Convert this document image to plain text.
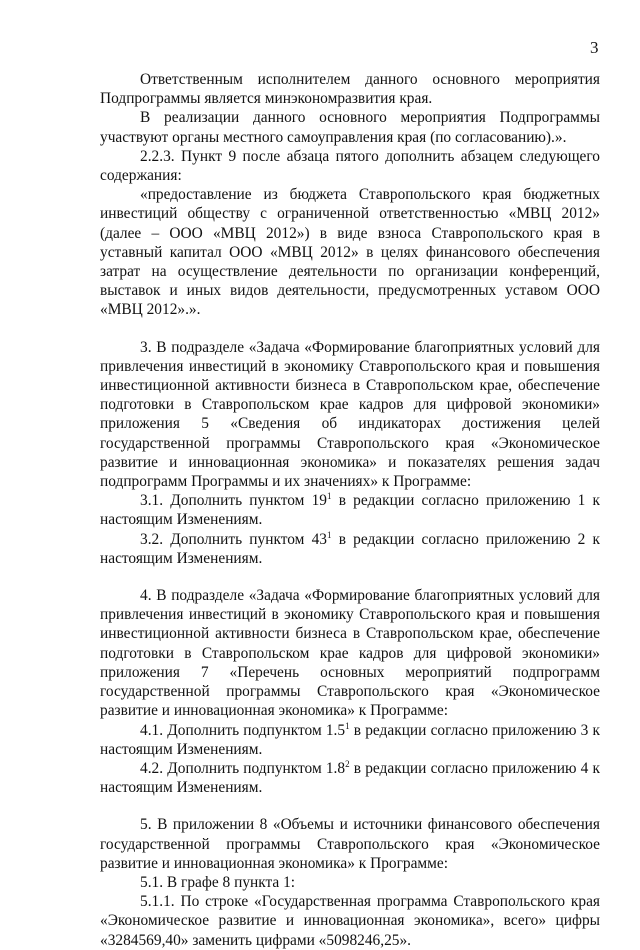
3

Ответственным исполнителем данного основного мероприятия Подпрограммы является минэкономразвития края.

В реализации данного основного мероприятия Подпрограммы участвуют органы местного самоуправления края (по согласованию).».

2.2.3. Пункт 9 после абзаца пятого дополнить абзацем следующего содержания:

«предоставление из бюджета Ставропольского края бюджетных инвестиций обществу с ограниченной ответственностью «МВЦ 2012» (далее – ООО «МВЦ 2012») в виде взноса Ставропольского края в уставный капитал ООО «МВЦ 2012» в целях финансового обеспечения затрат на осуществление деятельности по организации конференций, выставок и иных видов деятельности, предусмотренных уставом ООО «МВЦ 2012».».

3. В подразделе «Задача «Формирование благоприятных условий для привлечения инвестиций в экономику Ставропольского края и повышения инвестиционной активности бизнеса в Ставропольском крае, обеспечение подготовки в Ставропольском крае кадров для цифровой экономики» приложения 5 «Сведения об индикаторах достижения целей государственной программы Ставропольского края «Экономическое развитие и инновационная экономика» и показателях решения задач подпрограмм Программы и их значениях» к Программе:

3.1. Дополнить пунктом $19^1$ в редакции согласно приложению 1 к настоящим Изменениям.

3.2. Дополнить пунктом $43^1$ в редакции согласно приложению 2 к настоящим Изменениям.

4. В подразделе «Задача «Формирование благоприятных условий для привлечения инвестиций в экономику Ставропольского края и повышения инвестиционной активности бизнеса в Ставропольском крае, обеспечение подготовки в Ставропольском крае кадров для цифровой экономики» приложения 7 «Перечень основных мероприятий подпрограмм государственной программы Ставропольского края «Экономическое развитие и инновационная экономика» к Программе:

4.1. Дополнить подпунктом $1.5^1$ в редакции согласно приложению 3 к настоящим Изменениям.

4.2. Дополнить подпунктом $1.8^2$ в редакции согласно приложению 4 к настоящим Изменениям.

5. В приложении 8 «Объемы и источники финансового обеспечения государственной программы Ставропольского края «Экономическое развитие и инновационная экономика» к Программе:

5.1. В графе 8 пункта 1:

5.1.1. По строке «Государственная программа Ставропольского края «Экономическое развитие и инновационная экономика», всего» цифры «3284569,40» заменить цифрами «5098246,25».
